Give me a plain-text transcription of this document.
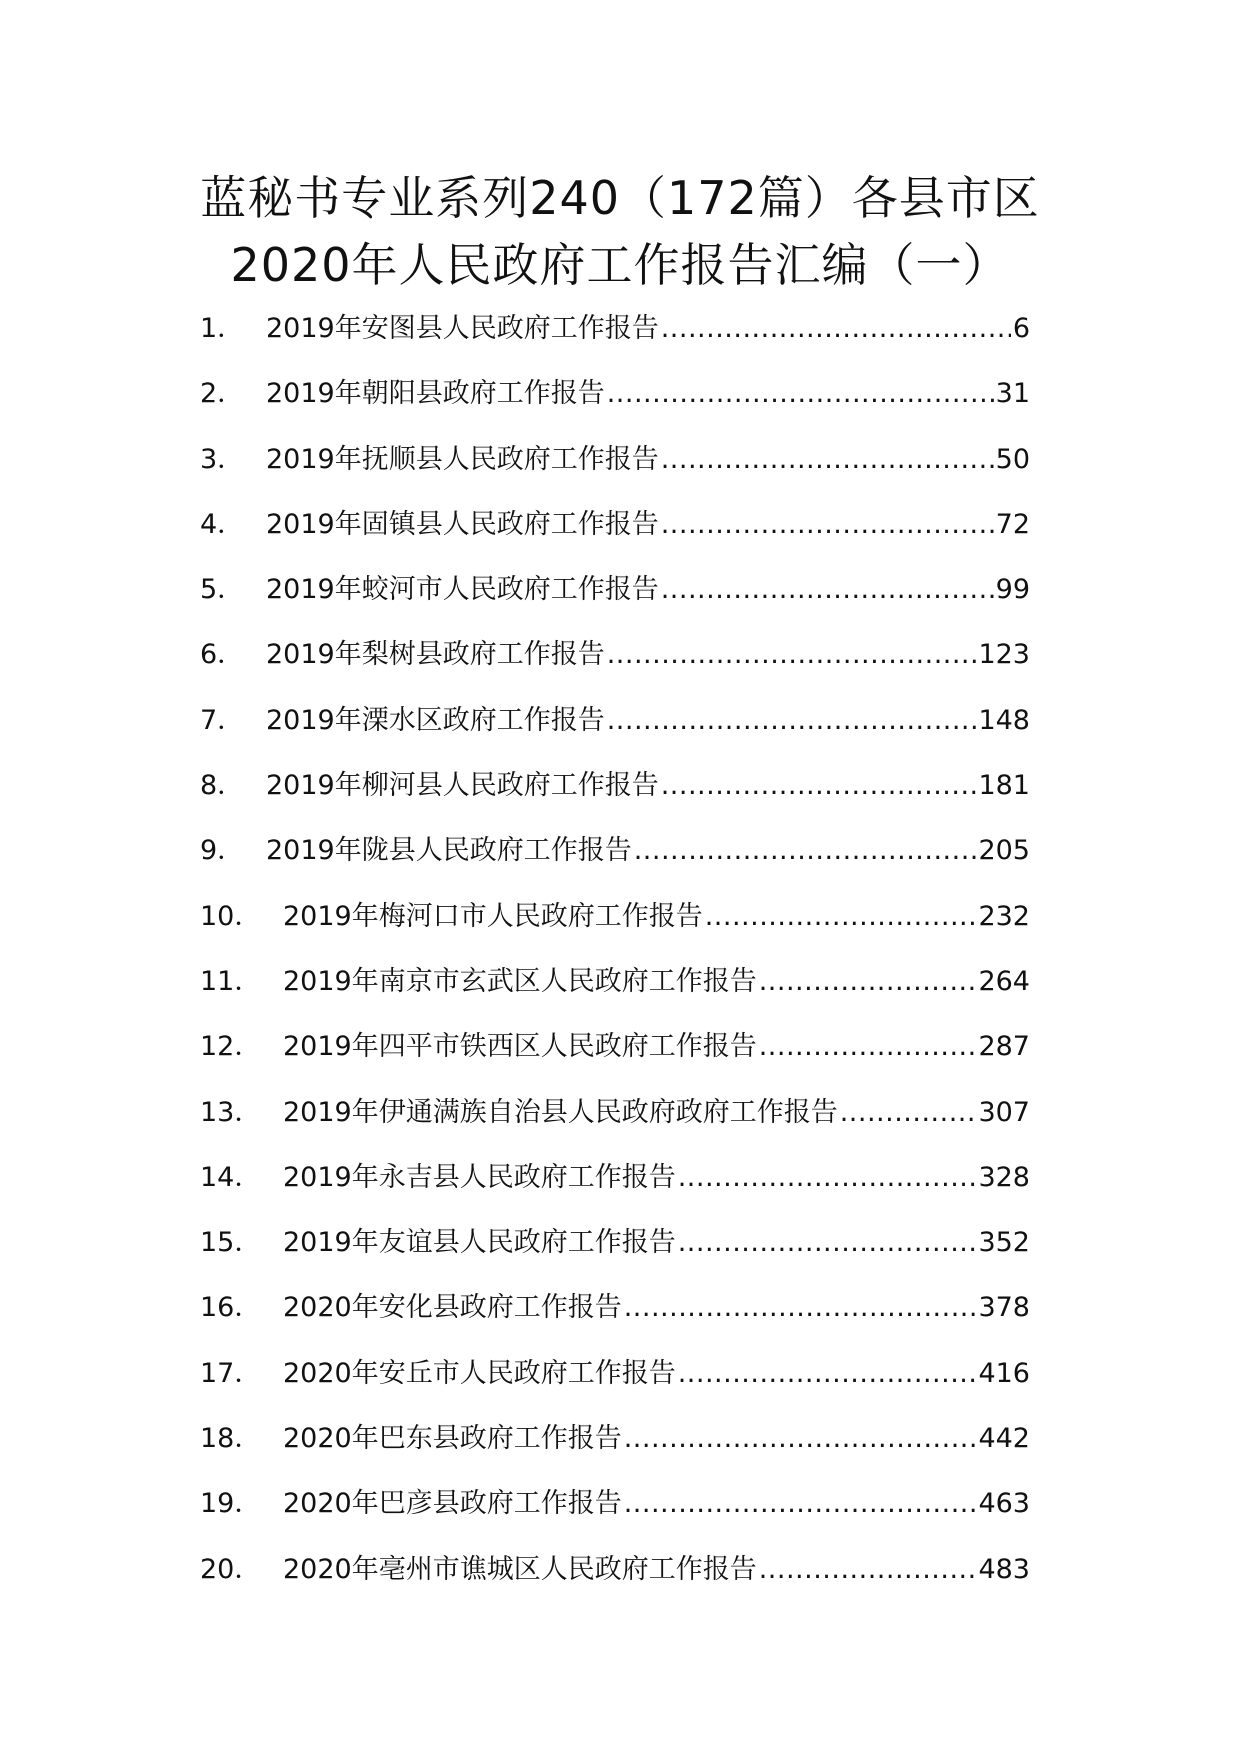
蓝秘书专业系列240（172篇）各县市区
2020年人民政府工作报告汇编（一）
1． 2019年安图县人民政府工作报告 .....	6
2． 2019年朝阳县政府工作报告 .....	31
3． 2019年抚顺县人民政府工作报告 .....	50
4． 2019年固镇县人民政府工作报告 .....	72
5． 2019年蛟河市人民政府工作报告 .....	99
6． 2019年梨树县政府工作报告 .....	123
7． 2019年溧水区政府工作报告 .....	148
8． 2019年柳河县人民政府工作报告 .....	181
9． 2019年陇县人民政府工作报告 .....	205
10． 2019年梅河口市人民政府工作报告 .....	232
11． 2019年南京市玄武区人民政府工作报告 .....	264
12． 2019年四平市铁西区人民政府工作报告 .....	287
13． 2019年伊通满族自治县人民政府政府工作报告 .....	307
14． 2019年永吉县人民政府工作报告 .....	328
15． 2019年友谊县人民政府工作报告 .....	352
16． 2020年安化县政府工作报告 .....	378
17． 2020年安丘市人民政府工作报告 .....	416
18． 2020年巴东县政府工作报告 .....	442
19． 2020年巴彦县政府工作报告 .....	463
20． 2020年亳州市谯城区人民政府工作报告 .....	483
